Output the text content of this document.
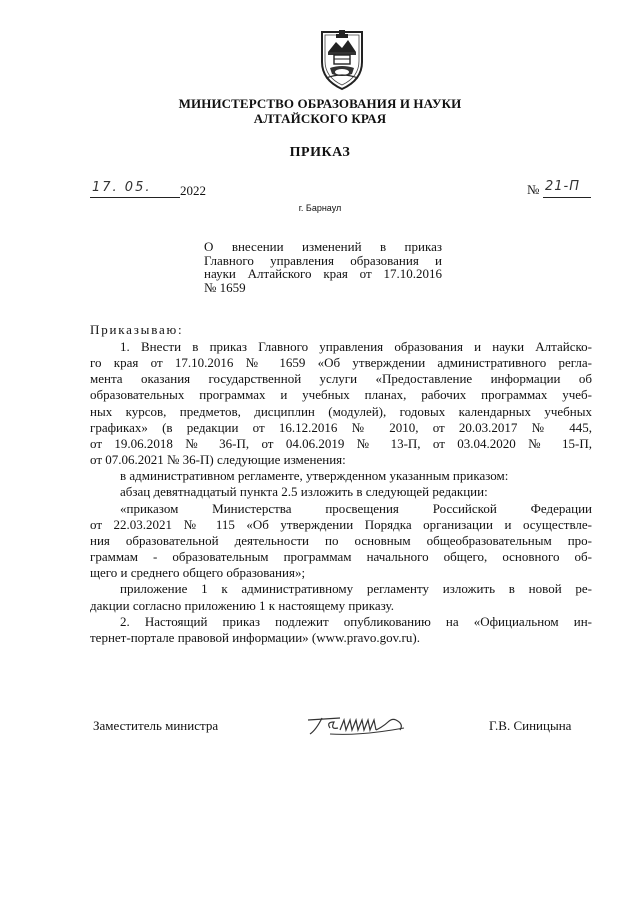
МИНИСТЕРСТВО ОБРАЗОВАНИЯ И НАУКИ
АЛТАЙСКОГО КРАЯ
ПРИКАЗ
17. 05. 2022	№ 21-П
г. Барнаул
О внесении изменений в приказ
Главного управления образования и
науки Алтайского края от 17.10.2016
№ 1659
Приказываю:
1. Внести в приказ Главного управления образования и науки Алтайско-
го края от 17.10.2016 № 1659 «Об утверждении административного регла-
мента оказания государственной услуги «Предоставление информации об
образовательных программах и учебных планах, рабочих программах учеб-
ных курсов, предметов, дисциплин (модулей), годовых календарных учебных
графиках» (в редакции от 16.12.2016 № 2010, от 20.03.2017 № 445,
от 19.06.2018 № 36-П, от 04.06.2019 № 13-П, от 03.04.2020 № 15-П,
от 07.06.2021 № 36-П) следующие изменения:
в административном регламенте, утвержденном указанным приказом:
абзац девятнадцатый пункта 2.5 изложить в следующей редакции:
«приказом Министерства просвещения Российской Федерации
от 22.03.2021 № 115 «Об утверждении Порядка организации и осуществле-
ния образовательной деятельности по основным общеобразовательным про-
граммам - образовательным программам начального общего, основного об-
щего и среднего общего образования»;
приложение 1 к административному регламенту изложить в новой ре-
дакции согласно приложению 1 к настоящему приказу.
2. Настоящий приказ подлежит опубликованию на «Официальном ин-
тернет-портале правовой информации» (www.pravo.gov.ru).
Заместитель министра	Г.В. Синицына
